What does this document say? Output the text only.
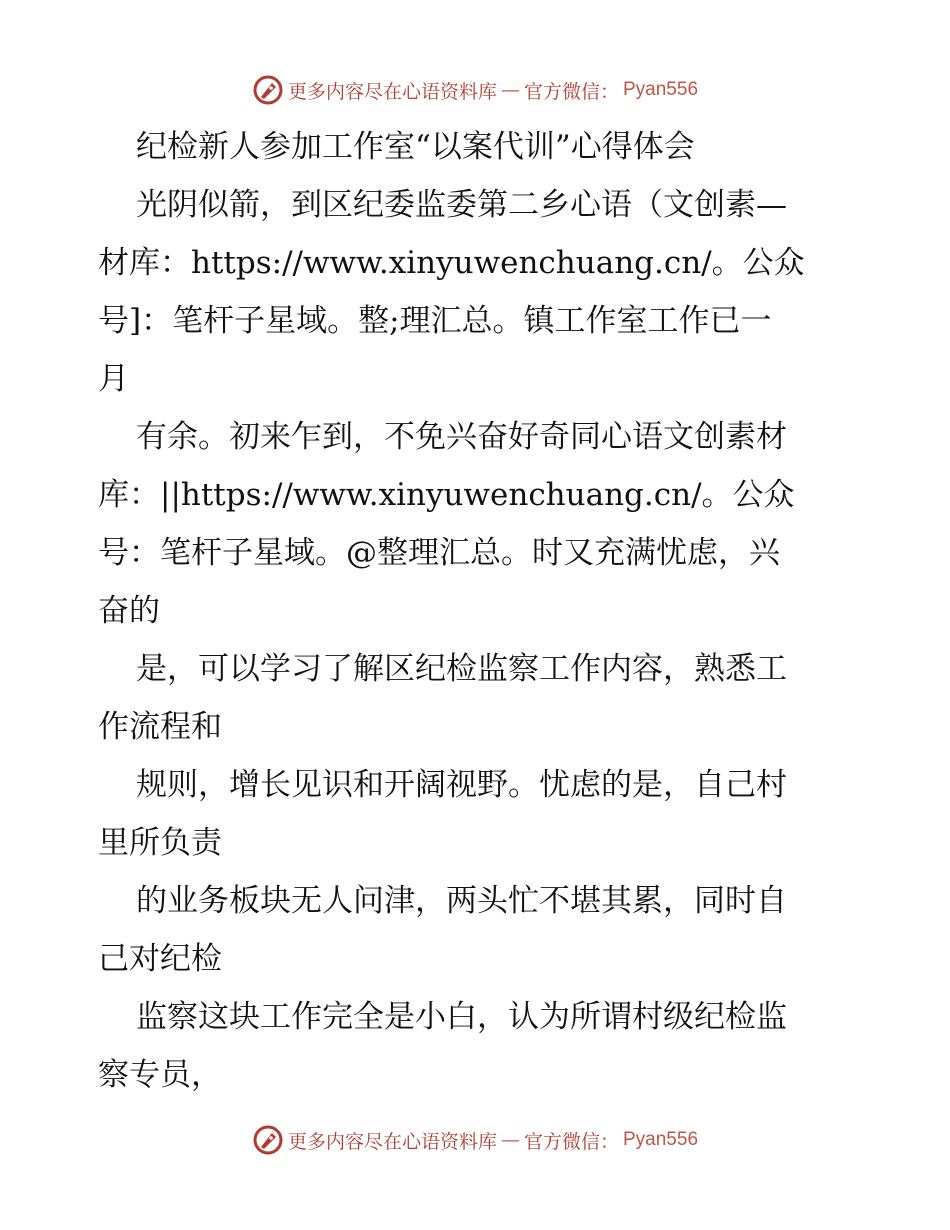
更多内容尽在心语资料库 — 官方微信： Pyan556
纪检新人参加工作室“以案代训”心得体会
光阴似箭，到区纪委监委第二乡心语（文创素—
材库：https://www.xinyuwenchuang.cn/。公众
号]：笔杆子星域。整;理汇总。镇工作室工作已一
月
有余。初来乍到，不免兴奋好奇同心语文创素材
库：||https://www.xinyuwenchuang.cn/。公众
号：笔杆子星域。@整理汇总。时又充满忧虑，兴
奋的
是，可以学习了解区纪检监察工作内容，熟悉工
作流程和
规则，增长见识和开阔视野。忧虑的是，自己村
里所负责
的业务板块无人问津，两头忙不堪其累，同时自
己对纪检
监察这块工作完全是小白，认为所谓村级纪检监
察专员，
更多内容尽在心语资料库 — 官方微信： Pyan556
